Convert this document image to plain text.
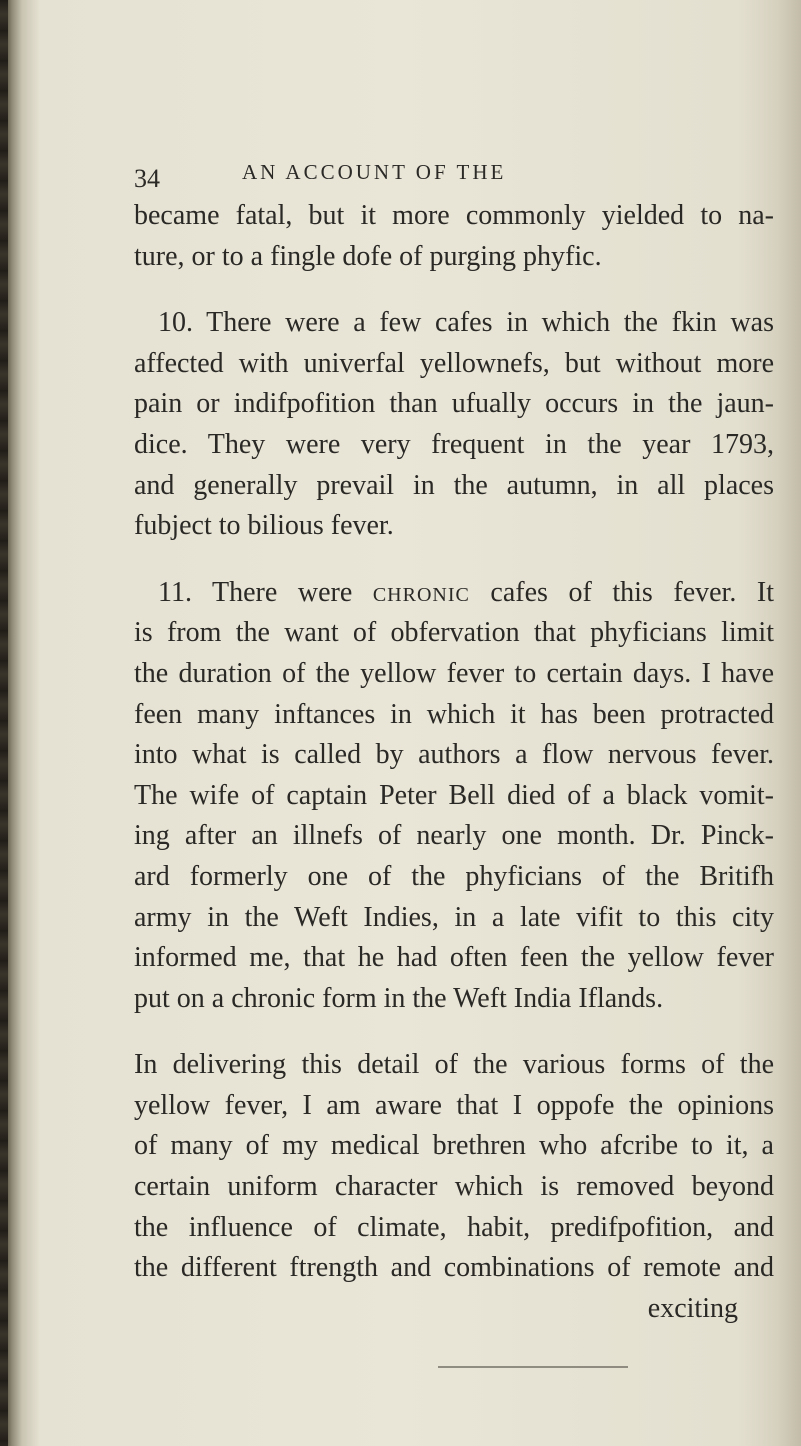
34	AN ACCOUNT OF THE
became fatal, but it more commonly yielded to na-
ture, or to a fingle dofe of purging phyfic.
10. There were a few cafes in which the fkin was
affected with univerfal yellownefs, but without more
pain or indifpofition than ufually occurs in the jaun-
dice. They were very frequent in the year 1793,
and generally prevail in the autumn, in all places
fubject to bilious fever.
11. There were chronic cafes of this fever. It
is from the want of obfervation that phyficians limit
the duration of the yellow fever to certain days. I have
feen many inftances in which it has been protracted
into what is called by authors a flow nervous fever.
The wife of captain Peter Bell died of a black vomit-
ing after an illnefs of nearly one month. Dr. Pinck-
ard formerly one of the phyficians of the Britifh
army in the Weft Indies, in a late vifit to this city
informed me, that he had often feen the yellow fever
put on a chronic form in the Weft India Iflands.
In delivering this detail of the various forms of the
yellow fever, I am aware that I oppofe the opinions
of many of my medical brethren who afcribe to it, a
certain uniform character which is removed beyond
the influence of climate, habit, predifpofition, and
the different ftrength and combinations of remote and
exciting
